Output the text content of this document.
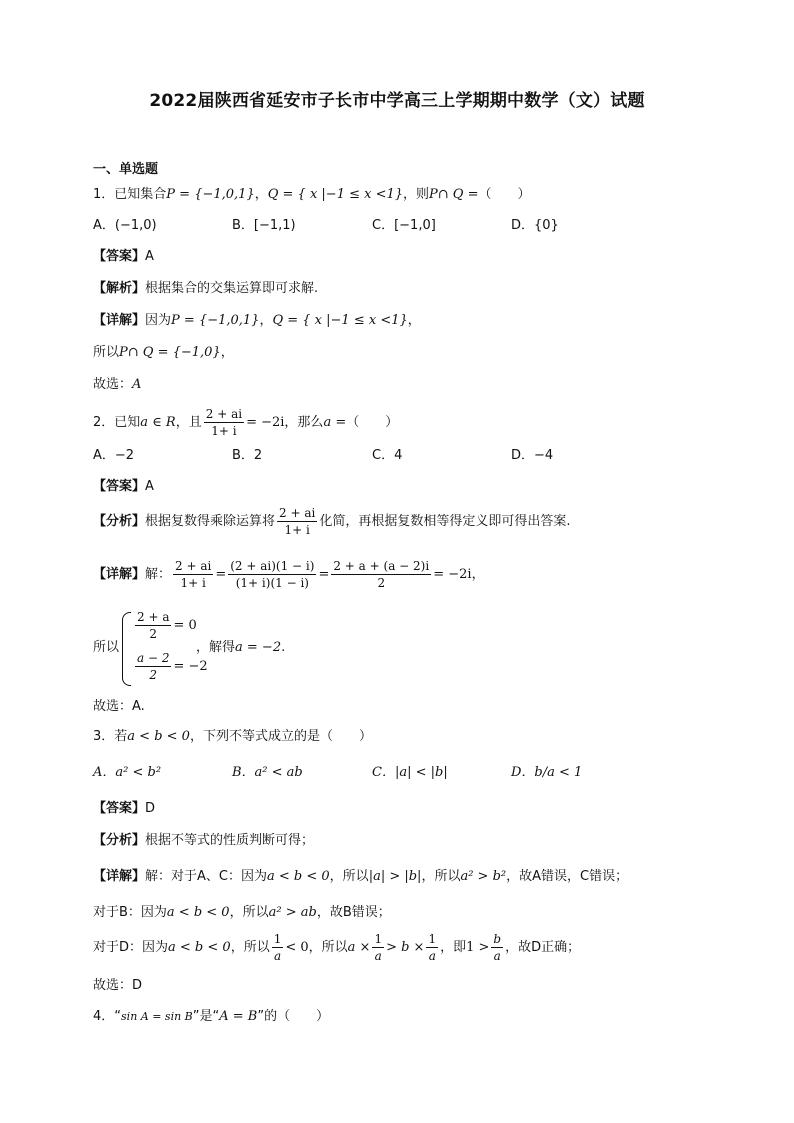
2022届陕西省延安市子长市中学高三上学期期中数学（文）试题
一、单选题
1．已知集合P = {−1,0,1}，Q = { x |−1 ≤ x <1}，则P∩ Q =（　　）
A．(−1,0)	B．[−1,1)	C．[−1,0]	D．{0}
【答案】A
【解析】根据集合的交集运算即可求解.
【详解】因为P = {−1,0,1}，Q = { x |−1 ≤ x <1}，
所以P∩ Q = {−1,0}，
故选：A
2．已知a ∈ R，且 $\frac{2 + ai}{1+ i} = -2i$，那么a =（　　）
A．−2	B．2	C．4	D．−4
【答案】A
【分析】根据复数得乘除运算将 $\frac{2 + ai}{1+ i}$ 化简，再根据复数相等得定义即可得出答案.
【详解】解： $\frac{2 + ai}{1+ i} = \frac{(2 + ai)(1 - i)}{(1+ i)(1 - i)} = \frac{2 + a + (a - 2)i}{2} = -2i$，
所以
$\frac{2 + a}{2} = 0$
$\frac{a - 2}{2} = -2$
，解得a = −2.
故选：A.
3．若a < b < 0，下列不等式成立的是（　　）
A．a² < b²	B．a² < ab	C．|a| < |b|	D．b/a < 1
【答案】D
【分析】根据不等式的性质判断可得；
【详解】解：对于A、C：因为a < b < 0，所以|a| > |b|，所以a² > b²，故A错误，C错误；
对于B：因为a < b < 0，所以a² > ab，故B错误；
对于D：因为a < b < 0，所以 $\frac{1}{a} < 0$，所以$a \times \frac{1}{a} > b \times \frac{1}{a}$ ，即$1 > \frac{b}{a}$ ，故D正确；
故选：D
4．“sin A = sin B”是“A = B”的（　　）
